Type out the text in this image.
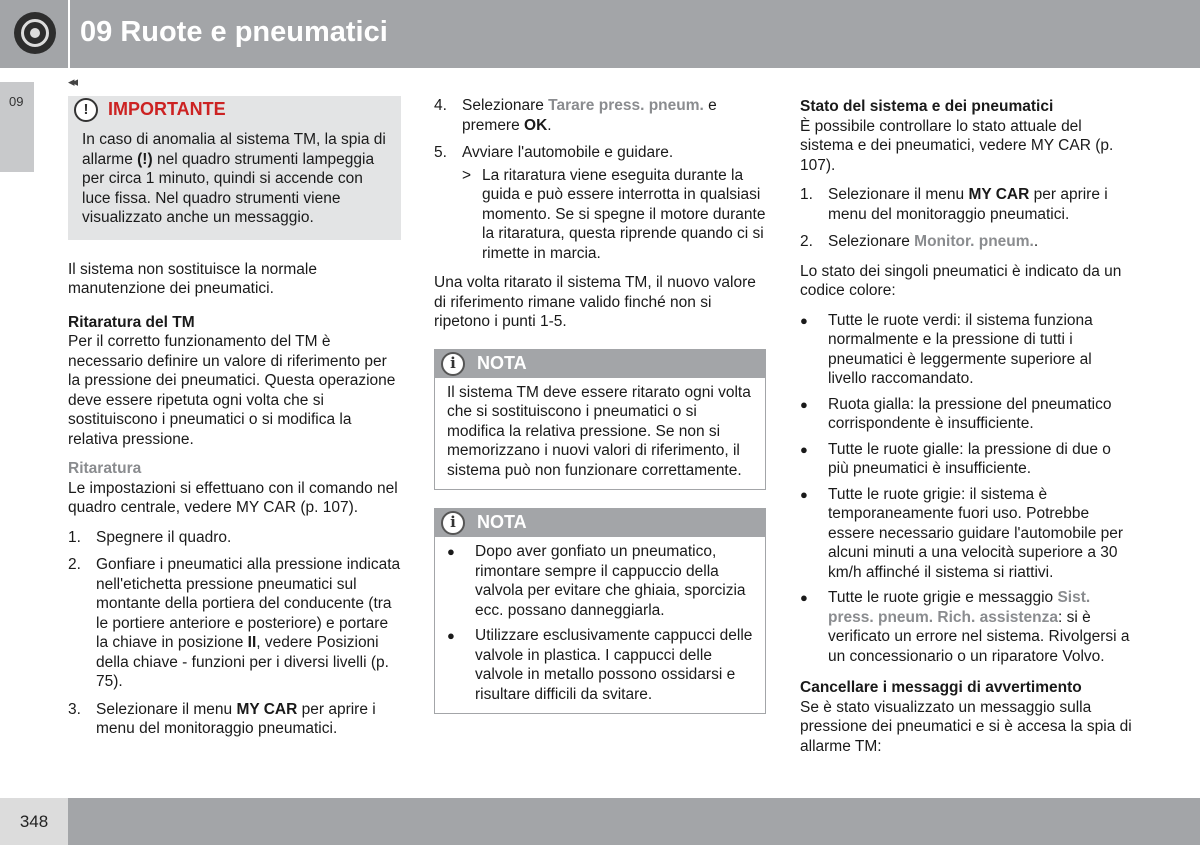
09 Ruote e pneumatici
09
◂◂
!	IMPORTANTE
In caso di anomalia al sistema TM, la spia di allarme (!) nel quadro strumenti lampeggia per circa 1 minuto, quindi si accende con luce fissa. Nel quadro strumenti viene visualizzato anche un messaggio.

Il sistema non sostituisce la normale manutenzione dei pneumatici.

Ritaratura del TM

Per il corretto funzionamento del TM è necessario definire un valore di riferimento per la pressione dei pneumatici. Questa operazione deve essere ripetuta ogni volta che si sostituiscono i pneumatici o si modifica la relativa pressione.

Ritaratura

Le impostazioni si effettuano con il comando nel quadro centrale, vedere MY CAR (p. 107).

1. Spegnere il quadro.
2. Gonfiare i pneumatici alla pressione indicata nell'etichetta pressione pneumatici sul montante della portiera del conducente (tra le portiere anteriore e posteriore) e portare la chiave in posizione II, vedere Posizioni della chiave - funzioni per i diversi livelli (p. 75).
3. Selezionare il menu MY CAR per aprire i menu del monitoraggio pneumatici.
4. Selezionare Tarare press. pneum. e premere OK.
5. Avviare l'automobile e guidare.
> La ritaratura viene eseguita durante la guida e può essere interrotta in qualsiasi momento. Se si spegne il motore durante la ritaratura, questa riprende quando ci si rimette in marcia.

Una volta ritarato il sistema TM, il nuovo valore di riferimento rimane valido finché non si ripetono i punti 1-5.

i	NOTA
Il sistema TM deve essere ritarato ogni volta che si sostituiscono i pneumatici o si modifica la relativa pressione. Se non si memorizzano i nuovi valori di riferimento, il sistema può non funzionare correttamente.
i	NOTA
●	Dopo aver gonfiato un pneumatico, rimontare sempre il cappuccio della valvola per evitare che ghiaia, sporcizia ecc. possano danneggiarla.
●	Utilizzare esclusivamente cappucci delle valvole in plastica. I cappucci delle valvole in metallo possono ossidarsi e risultare difficili da svitare.
Stato del sistema e dei pneumatici

È possibile controllare lo stato attuale del sistema e dei pneumatici, vedere MY CAR (p. 107).

1. Selezionare il menu MY CAR per aprire i menu del monitoraggio pneumatici.
2. Selezionare Monitor. pneum..

Lo stato dei singoli pneumatici è indicato da un codice colore:

●	Tutte le ruote verdi: il sistema funziona normalmente e la pressione di tutti i pneumatici è leggermente superiore al livello raccomandato.
●	Ruota gialla: la pressione del pneumatico corrispondente è insufficiente.
●	Tutte le ruote gialle: la pressione di due o più pneumatici è insufficiente.
●	Tutte le ruote grigie: il sistema è temporaneamente fuori uso. Potrebbe essere necessario guidare l'automobile per alcuni minuti a una velocità superiore a 30 km/h affinché il sistema si riattivi.
●	Tutte le ruote grigie e messaggio Sist. press. pneum. Rich. assistenza: si è verificato un errore nel sistema. Rivolgersi a un concessionario o un riparatore Volvo.
Cancellare i messaggi di avvertimento

Se è stato visualizzato un messaggio sulla pressione dei pneumatici e si è accesa la spia di allarme TM:

348
